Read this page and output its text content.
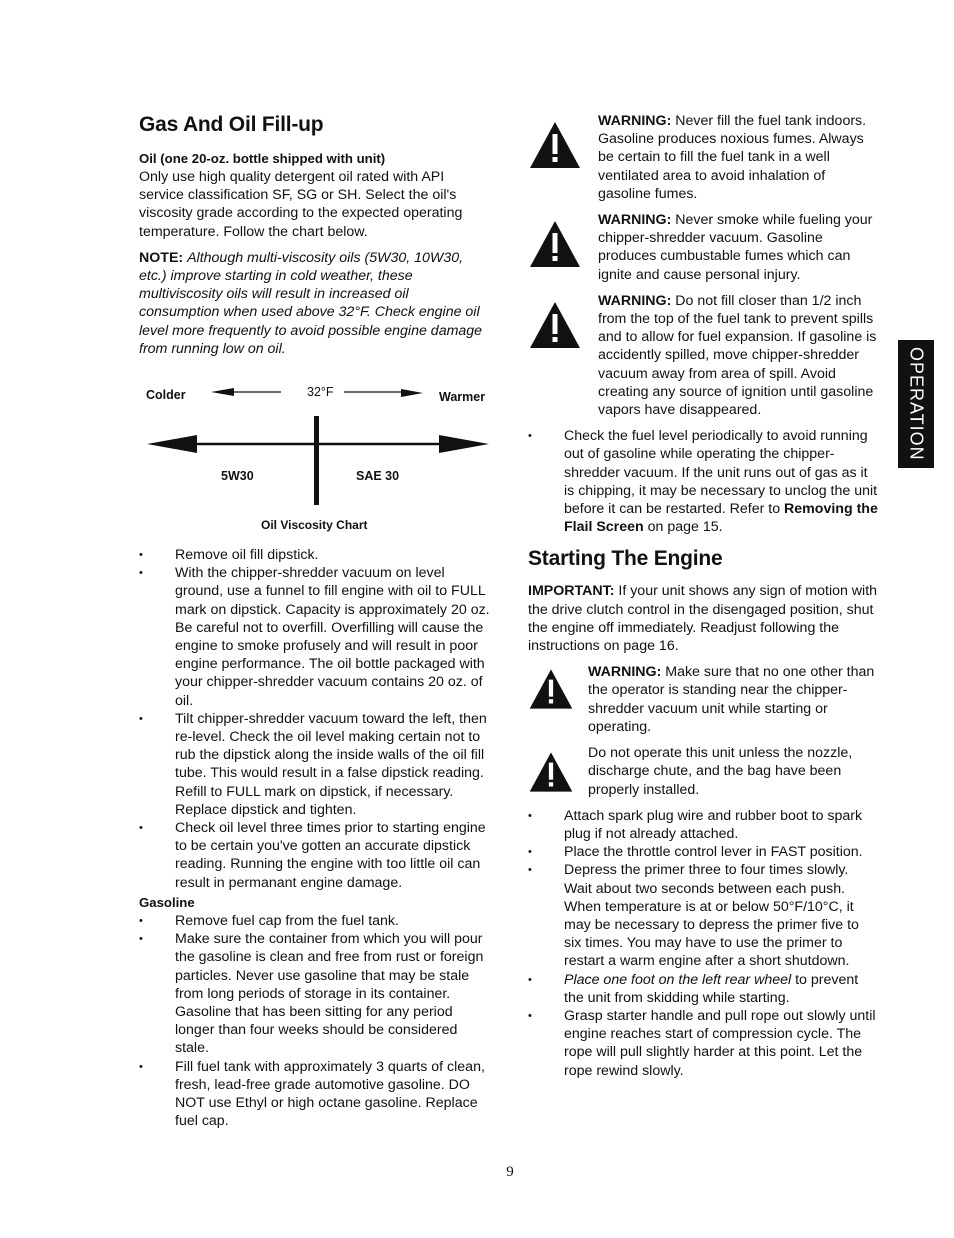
Gas And Oil Fill-up
Oil (one 20-oz. bottle shipped with unit)

Only use high quality detergent oil rated with API service classification SF, SG or SH. Select the oil's viscosity grade according to the expected operating temperature. Follow the chart below.

NOTE: Although multi-viscosity oils (5W30, 10W30, etc.) improve starting in cold weather, these multiviscosity oils will result in increased oil consumption when used above 32°F. Check engine oil level more frequently to avoid possible engine damage from running low on oil.

Colder	32°F	Warmer
5W30	SAE 30
Oil Viscosity Chart
• Remove oil fill dipstick.
• With the chipper-shredder vacuum on level ground, use a funnel to fill engine with oil to FULL mark on dipstick. Capacity is approximately 20 oz. Be careful not to overfill. Overfilling will cause the engine to smoke profusely and will result in poor engine performance. The oil bottle packaged with your chipper-shredder vacuum contains 20 oz. of oil.
• Tilt chipper-shredder vacuum toward the left, then re-level. Check the oil level making certain not to rub the dipstick along the inside walls of the oil fill tube. This would result in a false dipstick reading. Refill to FULL mark on dipstick, if necessary. Replace dipstick and tighten.
• Check oil level three times prior to starting engine to be certain you've gotten an accurate dipstick reading. Running the engine with too little oil can result in permanant engine damage.
Gasoline
• Remove fuel cap from the fuel tank.
• Make sure the container from which you will pour the gasoline is clean and free from rust or foreign particles. Never use gasoline that may be stale from long periods of storage in its container. Gasoline that has been sitting for any period longer than four weeks should be considered stale.
• Fill fuel tank with approximately 3 quarts of clean, fresh, lead-free grade automotive gasoline. DO NOT use Ethyl or high octane gasoline. Replace fuel cap.
WARNING: Never fill the fuel tank indoors. Gasoline produces noxious fumes. Always be certain to fill the fuel tank in a well ventilated area to avoid inhalation of gasoline fumes.
WARNING: Never smoke while fueling your chipper-shredder vacuum. Gasoline produces cumbustable fumes which can ignite and cause personal injury.
WARNING: Do not fill closer than 1/2 inch from the top of the fuel tank to prevent spills and to allow for fuel expansion. If gasoline is accidently spilled, move chipper-shredder vacuum away from area of spill. Avoid creating any source of ignition until gasoline vapors have disappeared.
• Check the fuel level periodically to avoid running out of gasoline while operating the chipper-shredder vacuum. If the unit runs out of gas as it is chipping, it may be necessary to unclog the unit before it can be restarted. Refer to Removing the Flail Screen on page 15.
Starting The Engine

IMPORTANT: If your unit shows any sign of motion with the drive clutch control in the disengaged position, shut the engine off immediately. Readjust following the instructions on page 16.

WARNING: Make sure that no one other than the operator is standing near the chipper-shredder vacuum unit while starting or operating.
Do not operate this unit unless the nozzle, discharge chute, and the bag have been properly installed.
• Attach spark plug wire and rubber boot to spark plug if not already attached.
• Place the throttle control lever in FAST position.
• Depress the primer three to four times slowly. Wait about two seconds between each push. When temperature is at or below 50°F/10°C, it may be necessary to depress the primer five to six times. You may have to use the primer to restart a warm engine after a short shutdown.
• Place one foot on the left rear wheel to prevent the unit from skidding while starting.
• Grasp starter handle and pull rope out slowly until engine reaches start of compression cycle. The rope will pull slightly harder at this point. Let the rope rewind slowly.
OPERATION
9
